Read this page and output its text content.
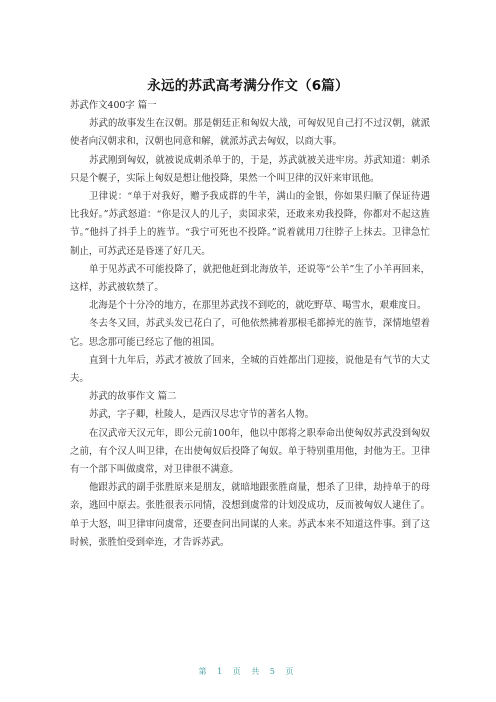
永远的苏武高考满分作文（6篇）

苏武作文400字 篇一

苏武的故事发生在汉朝。那是朝廷正和匈奴大战，可匈奴见自己打不过汉朝，就派使者向汉朝求和，汉朝也同意和解，就派苏武去匈奴，以商大事。

苏武刚到匈奴，就被说成刺杀单于的，于是，苏武就被关进牢房。苏武知道：刺杀只是个幌子，实际上匈奴是想让他投降，果然一个叫卫律的汉奸来审讯他。

卫律说：“单于对我好，赠予我成群的牛羊，满山的金银，你如果归顺了保证待遇比我好。”苏武怒道：“你是汉人的儿子，卖国求荣，还敢来劝我投降，你都对不起这旌节。”他抖了抖手上的旌节。“我宁可死也不投降。”说着就用刀往脖子上抹去。卫律急忙制止，可苏武还是昏迷了好几天。

单于见苏武不可能投降了，就把他赶到北海放羊，还说等“公羊”生了小羊再回来，这样，苏武被软禁了。

北海是个十分冷的地方，在那里苏武找不到吃的，就吃野草、喝雪水，艰难度日。

冬去冬又回，苏武头发已花白了，可他依然拂着那根毛都掉光的旌节，深情地望着它。思念那可能已经忘了他的祖国。

直到十九年后，苏武才被放了回来，全城的百姓都出门迎接，说他是有气节的大丈夫。

苏武的故事作文 篇二

苏武，字子卿，杜陵人，是西汉尽忠守节的著名人物。

在汉武帝天汉元年，即公元前100年，他以中郎将之职奉命出使匈奴苏武没到匈奴之前，有个汉人叫卫律，在出使匈奴后投降了匈奴。单于特别重用他，封他为王。卫律有一个部下叫做虞常，对卫律很不满意。

他跟苏武的副手张胜原来是朋友，就暗地跟张胜商量，想杀了卫律，劫持单于的母亲，逃回中原去。张胜很表示同情，没想到虞常的计划没成功，反而被匈奴人逮住了。单于大怒，叫卫律审问虞常，还要查问出同谋的人来。苏武本来不知道这件事。到了这时候，张胜怕受到牵连，才告诉苏武。

第 1 页 共 5 页
